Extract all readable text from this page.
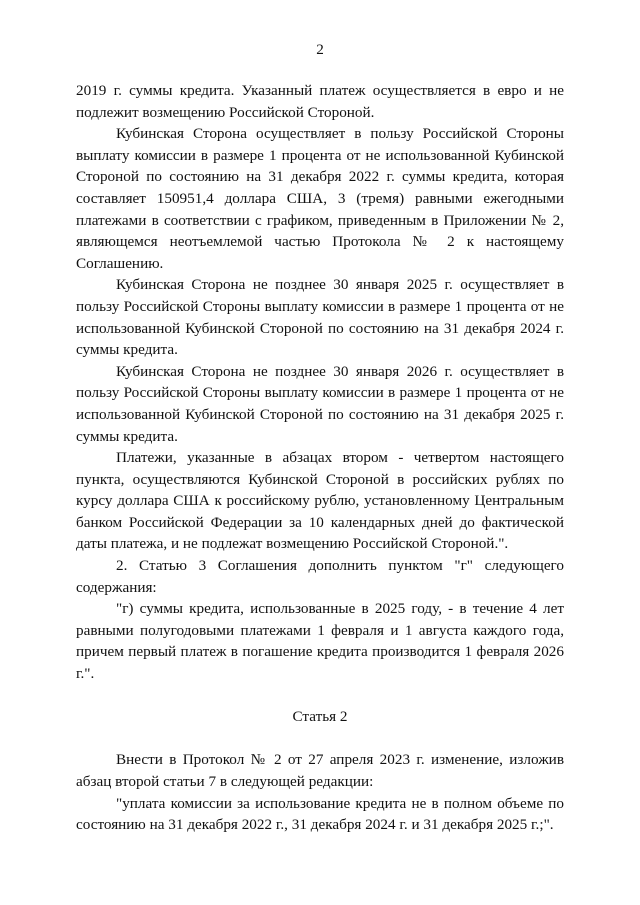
2

2019 г. суммы кредита. Указанный платеж осуществляется в евро и не подлежит возмещению Российской Стороной.

Кубинская Сторона осуществляет в пользу Российской Стороны выплату комиссии в размере 1 процента от не использованной Кубинской Стороной по состоянию на 31 декабря 2022 г. суммы кредита, которая составляет 150951,4 доллара США, 3 (тремя) равными ежегодными платежами в соответствии с графиком, приведенным в Приложении № 2, являющемся неотъемлемой частью Протокола № 2 к настоящему Соглашению.

Кубинская Сторона не позднее 30 января 2025 г. осуществляет в пользу Российской Стороны выплату комиссии в размере 1 процента от не использованной Кубинской Стороной по состоянию на 31 декабря 2024 г. суммы кредита.

Кубинская Сторона не позднее 30 января 2026 г. осуществляет в пользу Российской Стороны выплату комиссии в размере 1 процента от не использованной Кубинской Стороной по состоянию на 31 декабря 2025 г. суммы кредита.

Платежи, указанные в абзацах втором - четвертом настоящего пункта, осуществляются Кубинской Стороной в российских рублях по курсу доллара США к российскому рублю, установленному Центральным банком Российской Федерации за 10 календарных дней до фактической даты платежа, и не подлежат возмещению Российской Стороной.".

2. Статью 3 Соглашения дополнить пунктом "г" следующего содержания:

"г) суммы кредита, использованные в 2025 году, - в течение 4 лет равными полугодовыми платежами 1 февраля и 1 августа каждого года, причем первый платеж в погашение кредита производится 1 февраля 2026 г.".

Статья 2

Внести в Протокол № 2 от 27 апреля 2023 г. изменение, изложив абзац второй статьи 7 в следующей редакции:

"уплата комиссии за использование кредита не в полном объеме по состоянию на 31 декабря 2022 г., 31 декабря 2024 г. и 31 декабря 2025 г.;".
